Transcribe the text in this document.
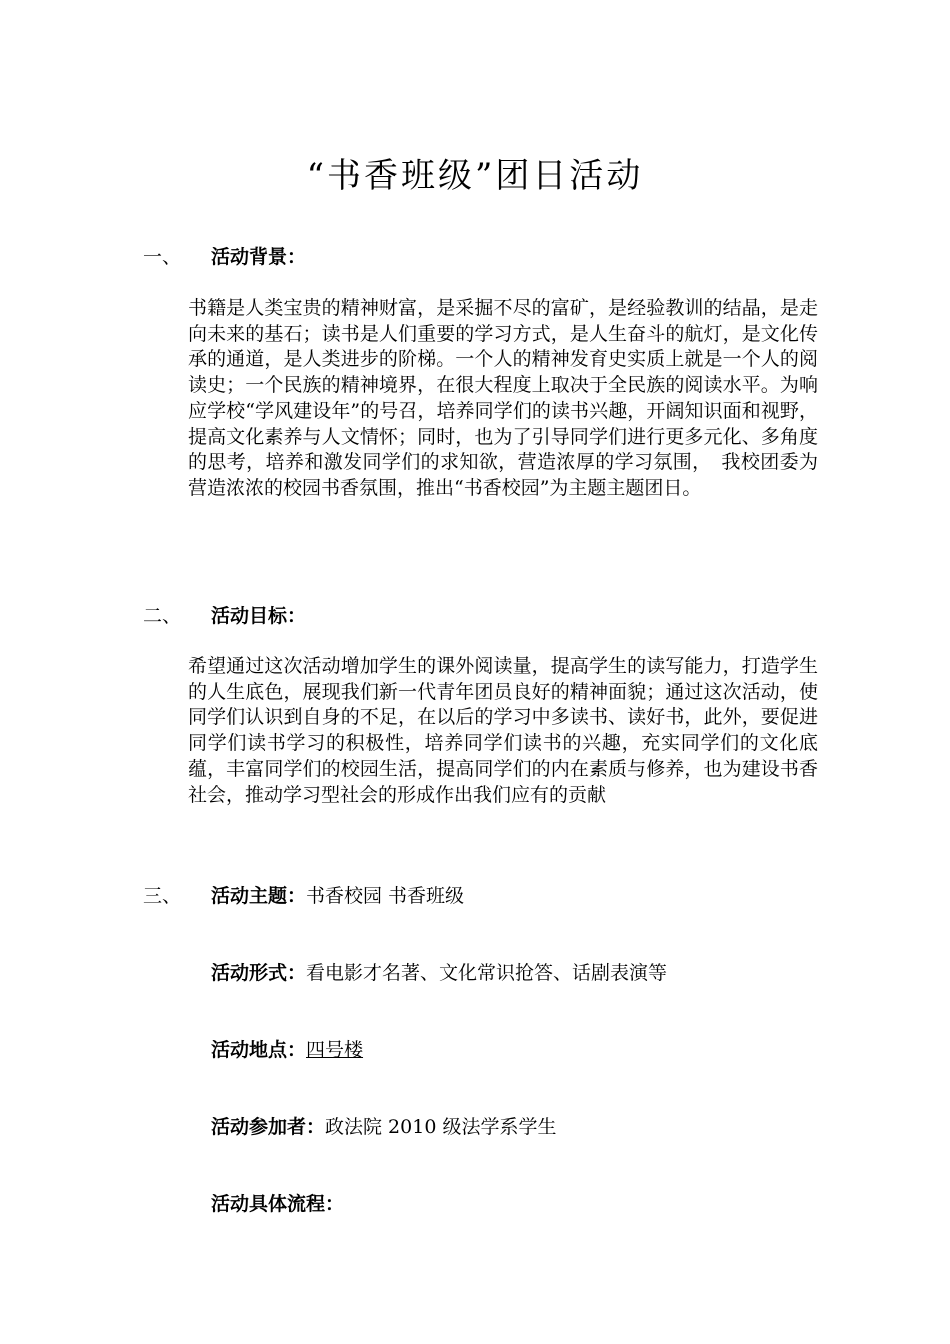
“书香班级”团日活动
一、 活动背景：
书籍是人类宝贵的精神财富，是采掘不尽的富矿，是经验教训的结晶，是走向未来的基石；读书是人们重要的学习方式，是人生奋斗的航灯，是文化传承的通道，是人类进步的阶梯。一个人的精神发育史实质上就是一个人的阅读史；一个民族的精神境界，在很大程度上取决于全民族的阅读水平。为响应学校“学风建设年”的号召，培养同学们的读书兴趣，开阔知识面和视野，提高文化素养与人文情怀；同时，也为了引导同学们进行更多元化、多角度的思考，培养和激发同学们的求知欲，营造浓厚的学习氛围，　我校团委为营造浓浓的校园书香氛围，推出“书香校园”为主题主题团日。
二、 活动目标：
希望通过这次活动增加学生的课外阅读量，提高学生的读写能力，打造学生的人生底色，展现我们新一代青年团员良好的精神面貌；通过这次活动，使同学们认识到自身的不足，在以后的学习中多读书、读好书，此外，要促进同学们读书学习的积极性，培养同学们读书的兴趣，充实同学们的文化底蕴，丰富同学们的校园生活，提高同学们的内在素质与修养，也为建设书香社会，推动学习型社会的形成作出我们应有的贡献
三、 活动主题：书香校园 书香班级
活动形式：看电影才名著、文化常识抢答、话剧表演等
活动地点：四号楼
活动参加者：政法院 2010 级法学系学生
活动具体流程：
